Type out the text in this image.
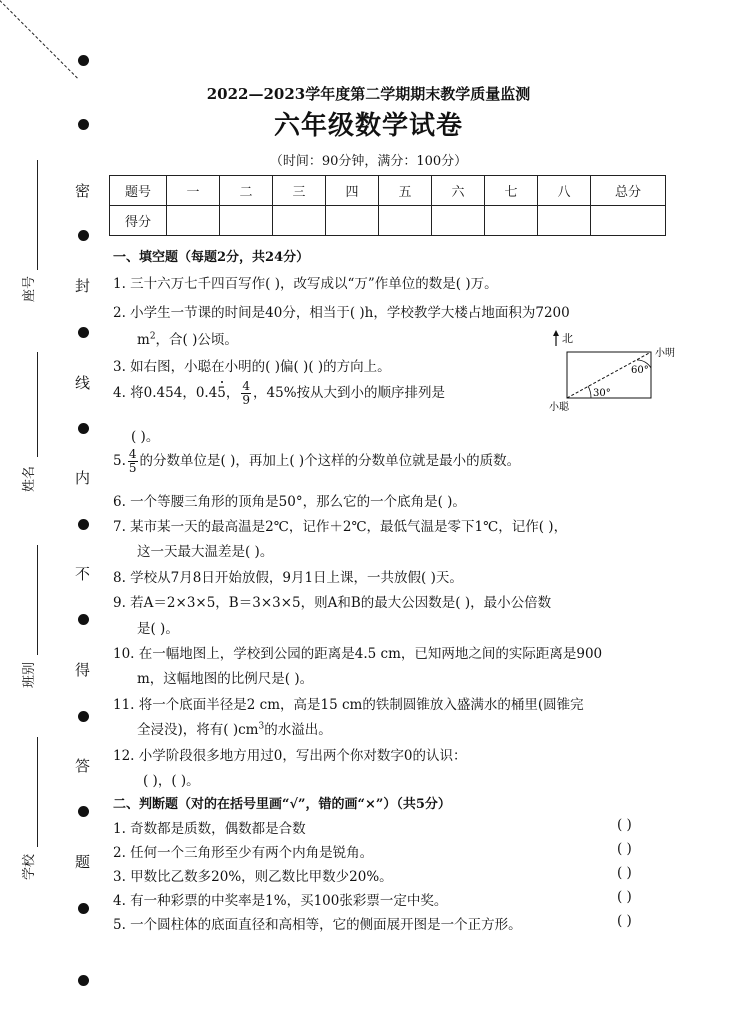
密
封
线
内
不
得
答
题
座号
姓名
班别
学校
2022—2023学年度第二学期期末教学质量监测
六年级数学试卷
（时间：90分钟，满分：100分）
题号	一	二	三	四	五	六	七	八	总分
得分									
一、填空题（每题2分，共24分）
1. 三十六万七千四百写作( )，改写成以“万”作单位的数是( )万。
2. 小学生一节课的时间是40分，相当于( )h，学校教学大楼占地面积为7200
$m^2$，合( )公顷。
3. 如右图，小聪在小明的( )偏( )( )的方向上。
4. 将0.454，0.45， $\frac{4}{9}$ ，45%按从大到小的顺序排列是
( )。
5. $\frac{4}{5}$ 的分数单位是( )，再加上( )个这样的分数单位就是最小的质数。
6. 一个等腰三角形的顶角是50°，那么它的一个底角是( )。
7. 某市某一天的最高温是2℃，记作＋2℃，最低气温是零下1℃，记作( )，
这一天最大温差是( )。
8. 学校从7月8日开始放假，9月1日上课，一共放假( )天。
9. 若A＝2×3×5，B＝3×3×5，则A和B的最大公因数是( )，最小公倍数
是( )。
10. 在一幅地图上，学校到公园的距离是4.5 cm，已知两地之间的实际距离是900
m，这幅地图的比例尺是( )。
11. 将一个底面半径是2 cm，高是15 cm的铁制圆锥放入盛满水的桶里(圆锥完
全浸没)，将有( )$cm^3$的水溢出。
12. 小学阶段很多地方用过0，写出两个你对数字0的认识：
( )，( )。
北
30°
60°
小明
小聪
二、判断题（对的在括号里画“√”，错的画“×”）（共5分）
1. 奇数都是质数，偶数都是合数
2. 任何一个三角形至少有两个内角是锐角。
3. 甲数比乙数多20%，则乙数比甲数少20%。
4. 有一种彩票的中奖率是1%，买100张彩票一定中奖。
5. 一个圆柱体的底面直径和高相等，它的侧面展开图是一个正方形。
( )
( )
( )
( )
( )
